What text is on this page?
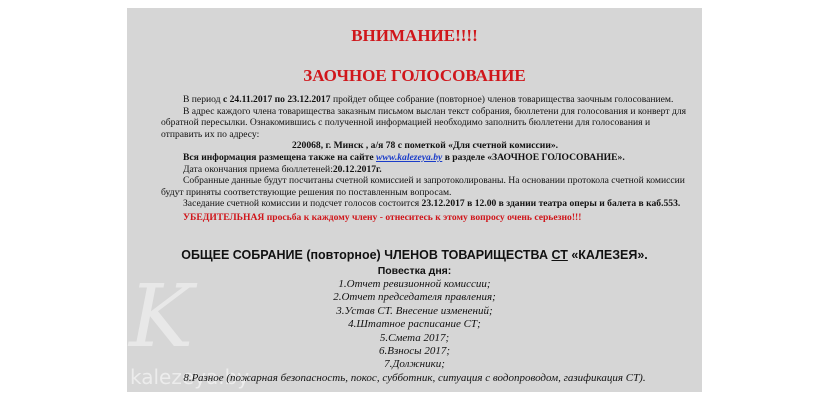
K
kalezeya.by
ВНИМАНИЕ!!!!
ЗАОЧНОЕ ГОЛОСОВАНИЕ

В период с 24.11.2017 по 23.12.2017 пройдет общее собрание (повторное) членов товарищества заочным голосованием.

В адрес каждого члена товарищества заказным письмом выслан текст собрания, бюллетени для голосования и конверт для обратной пересылки. Ознакомившись с полученной информацией необходимо заполнить бюллетени для голосования и отправить их по адресу:

220068, г. Минск , а/я 78 с пометкой «Для счетной комиссии».

Вся информация размещена также на сайте www.kalezeya.by в разделе «ЗАОЧНОЕ ГОЛОСОВАНИЕ».

Дата окончания приема бюллетеней:20.12.2017г.

Собранные данные будут посчитаны счетной комиссией и запротоколированы. На основании протокола счетной комиссии будут приняты соответствующие решения по поставленным вопросам.

Заседание счетной комиссии и подсчет голосов состоится 23.12.2017 в 12.00 в здании театра оперы и балета в каб.553.

УБЕДИТЕЛЬНАЯ просьба к каждому члену - отнеситесь к этому вопросу очень серьезно!!!

ОБЩЕЕ СОБРАНИЕ (повторное) ЧЛЕНОВ ТОВАРИЩЕСТВА СТ «КАЛЕЗЕЯ».
Повестка дня:
1.Отчет ревизионной комиссии;
2.Отчет председателя правления;
3.Устав СТ. Внесение изменений;
4.Штатное расписание СТ;
5.Смета 2017;
6.Взносы 2017;
7.Должники;
8.Разное (пожарная безопасность, покос, субботник, ситуация с водопроводом, газификация СТ).
